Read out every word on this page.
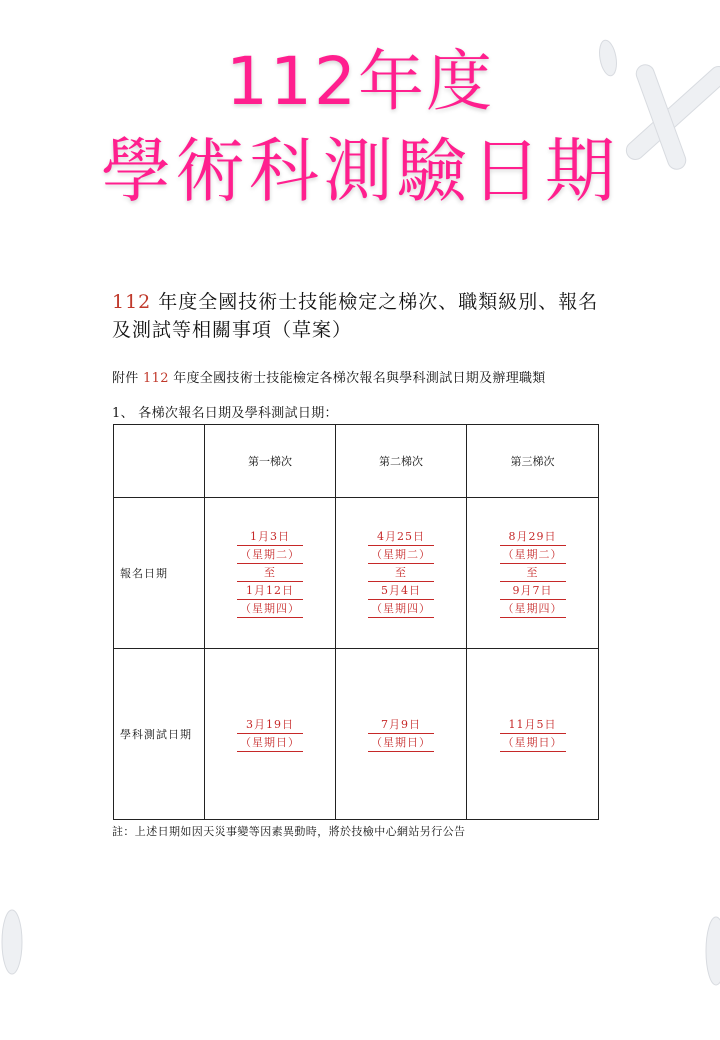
112年度
學術科測驗日期
112 年度全國技術士技能檢定之梯次、職類級別、報名
及測試等相關事項（草案）
附件 112 年度全國技術士技能檢定各梯次報名與學科測試日期及辦理職類
1、 各梯次報名日期及學科測試日期：
	第一梯次	第二梯次	第三梯次
報名日期	1月3日
（星期二）
至
1月12日
（星期四）	4月25日
（星期二）
至
5月4日
（星期四）	8月29日
（星期二）
至
9月7日
（星期四）

學科測試日期	3月19日
（星期日）	7月9日
（星期日）	11月5日
（星期日）
註：上述日期如因天災事變等因素異動時，將於技檢中心網站另行公告
